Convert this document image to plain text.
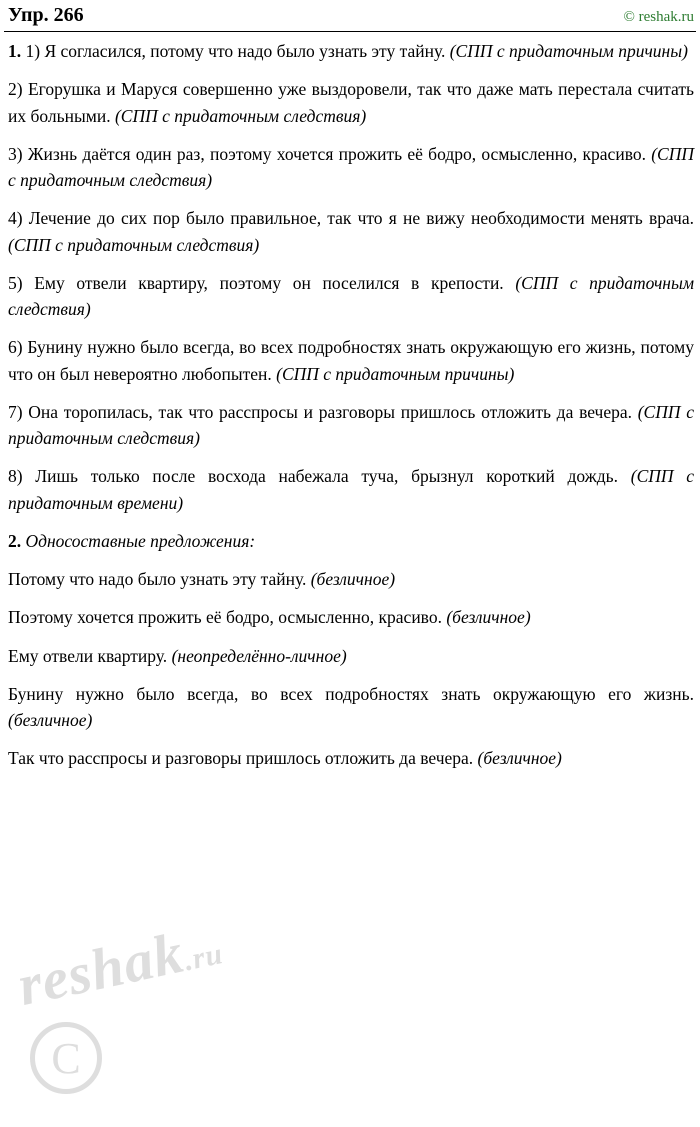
reshak.ru
C
Упр. 266	© reshak.ru

1. 1) Я согласился, потому что надо было узнать эту тайну. (СПП с придаточным причины)

2) Егорушка и Маруся совершенно уже выздоровели, так что даже мать перестала считать их больными. (СПП с придаточным следствия)

3) Жизнь даётся один раз, поэтому хочется прожить её бодро, осмысленно, красиво. (СПП с придаточным следствия)

4) Лечение до сих пор было правильное, так что я не вижу необходимости менять врача. (СПП с придаточным следствия)

5) Ему отвели квартиру, поэтому он поселился в крепости. (СПП с придаточным следствия)

6) Бунину нужно было всегда, во всех подробностях знать окружающую его жизнь, потому что он был невероятно любопытен. (СПП с придаточным причины)

7) Она торопилась, так что расспросы и разговоры пришлось отложить да вечера. (СПП с придаточным следствия)

8) Лишь только после восхода набежала туча, брызнул короткий дождь. (СПП с придаточным времени)

2. Односоставные предложения:

Потому что надо было узнать эту тайну. (безличное)

Поэтому хочется прожить её бодро, осмысленно, красиво. (безличное)

Ему отвели квартиру. (неопределённо-личное)

Бунину нужно было всегда, во всех подробностях знать окружающую его жизнь. (безличное)

Так что расспросы и разговоры пришлось отложить да вечера. (безличное)
